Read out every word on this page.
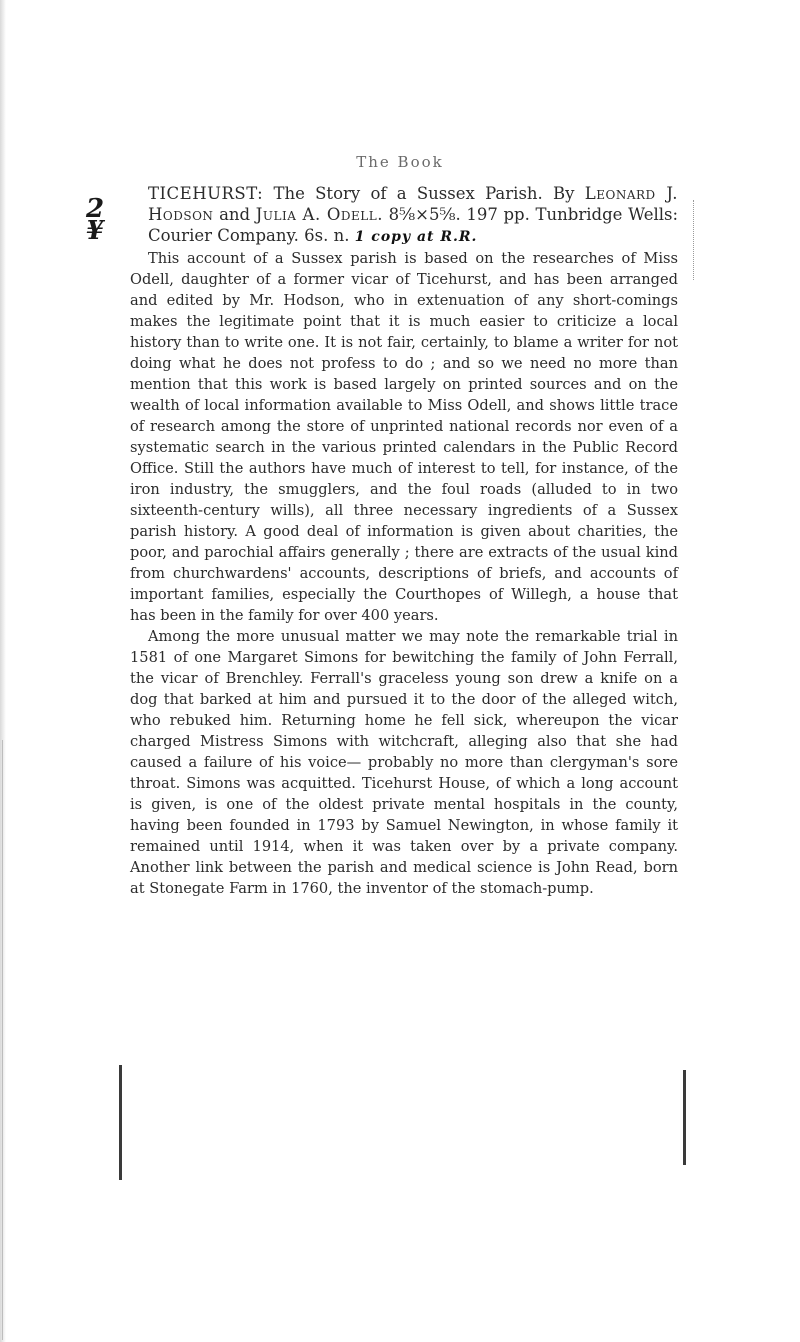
The Book
2
¥
TICEHURST: The Story of a Sussex Parish. By Leonard J. Hodson and Julia A. Odell. 8⅝×5⅝. 197 pp. Tunbridge Wells: Courier Company. 6s. n. 1 copy at R.R.

This account of a Sussex parish is based on the researches of Miss Odell, daughter of a former vicar of Ticehurst, and has been arranged and edited by Mr. Hodson, who in extenuation of any short-comings makes the legitimate point that it is much easier to criticize a local history than to write one. It is not fair, certainly, to blame a writer for not doing what he does not profess to do ; and so we need no more than mention that this work is based largely on printed sources and on the wealth of local information available to Miss Odell, and shows little trace of research among the store of unprinted national records nor even of a systematic search in the various printed calendars in the Public Record Office. Still the authors have much of interest to tell, for instance, of the iron industry, the smugglers, and the foul roads (alluded to in two sixteenth-century wills), all three necessary ingredients of a Sussex parish history. A good deal of information is given about charities, the poor, and parochial affairs generally ; there are extracts of the usual kind from churchwardens' accounts, descriptions of briefs, and accounts of important families, especially the Courthopes of Willegh, a house that has been in the family for over 400 years.

Among the more unusual matter we may note the remarkable trial in 1581 of one Margaret Simons for bewitching the family of John Ferrall, the vicar of Brenchley. Ferrall's graceless young son drew a knife on a dog that barked at him and pursued it to the door of the alleged witch, who rebuked him. Returning home he fell sick, whereupon the vicar charged Mistress Simons with witchcraft, alleging also that she had caused a failure of his voice— probably no more than clergyman's sore throat. Simons was acquitted. Ticehurst House, of which a long account is given, is one of the oldest private mental hospitals in the county, having been founded in 1793 by Samuel Newington, in whose family it remained until 1914, when it was taken over by a private company. Another link between the parish and medical science is John Read, born at Stonegate Farm in 1760, the inventor of the stomach-pump.
